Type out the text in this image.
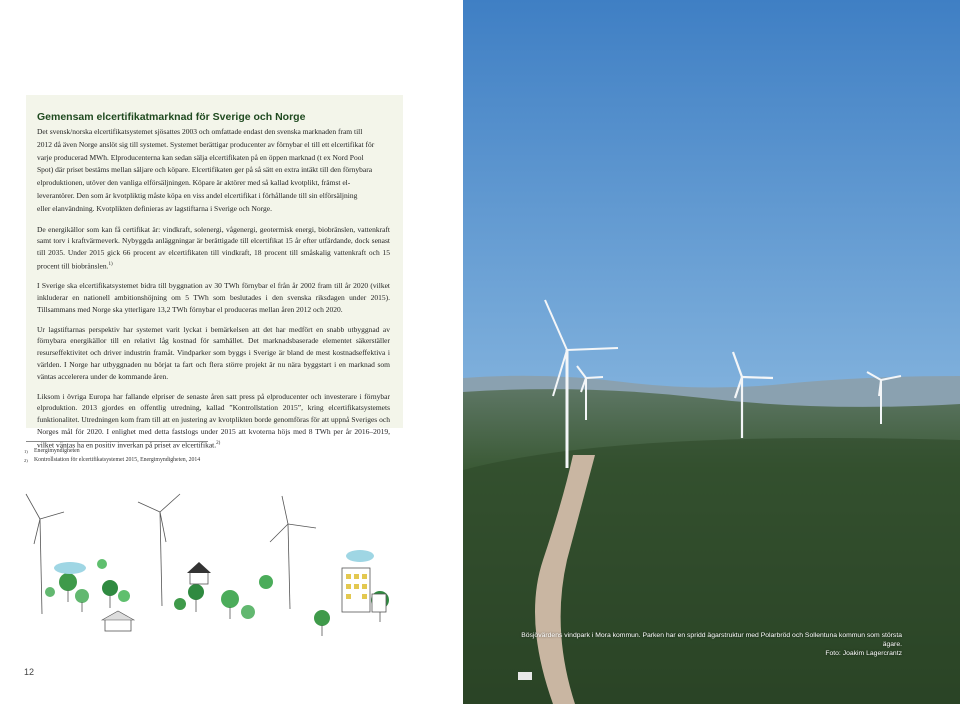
Gemensam elcertifikatmarknad för Sverige och Norge
Det svensk/norska elcertifikatsystemet sjösattes 2003 och omfattade endast den svenska marknaden fram till
2012 då även Norge anslöt sig till systemet. Systemet berättigar producenter av förnybar el till ett elcertifikat för
varje producerad MWh. Elproducenterna kan sedan sälja elcertifikaten på en öppen marknad (t ex Nord Pool
Spot) där priset bestäms mellan säljare och köpare. Elcertifikaten ger på så sätt en extra intäkt till den förnybara
elproduktionen, utöver den vanliga elförsäljningen. Köpare är aktörer med så kallad kvotplikt, främst el-
leverantörer. Den som är kvotpliktig måste köpa en viss andel elcertifikat i förhållande till sin elförsäljning
eller elanvändning. Kvotplikten definieras av lagstiftarna i Sverige och Norge.

De energikällor som kan få certifikat är: vindkraft, solenergi, vågenergi, geotermisk energi, biobränslen, vattenkraft samt torv i kraftvärmeverk. Nybyggda anläggningar är berättigade till elcertifikat 15 år efter utfärdande, dock senast till 2035. Under 2015 gick 66 procent av elcertifikaten till vindkraft, 18 procent till småskalig vattenkraft och 15 procent till biobränslen.$^{1)}$

I Sverige ska elcertifikatsystemet bidra till byggnation av 30 TWh förnybar el från år 2002 fram till år 2020 (vilket inkluderar en nationell ambitionshöjning om 5 TWh som beslutades i den svenska riksdagen under 2015). Tillsammans med Norge ska ytterligare 13,2 TWh förnybar el produceras mellan åren 2012 och 2020.

Ur lagstiftarnas perspektiv har systemet varit lyckat i bemärkelsen att det har medfört en snabb utbyggnad av förnybara energikällor till en relativt låg kostnad för samhället. Det marknadsbaserade elementet säkerställer resurseffektivitet och driver industrin framåt. Vindparker som byggs i Sverige är bland de mest kostnadseffektiva i världen. I Norge har utbyggnaden nu börjat ta fart och flera större projekt är nu nära byggstart i en marknad som väntas accelerera under de kommande åren.

Liksom i övriga Europa har fallande elpriser de senaste åren satt press på elproducenter och investerare i förnybar elproduktion. 2013 gjordes en offentlig utredning, kallad ”Kontrollstation 2015”, kring elcertifikatsystemets funktionalitet. Utredningen kom fram till att en justering av kvotplikten borde genomföras för att uppnå Sveriges och Norges mål för 2020. I enlighet med detta fastslogs under 2015 att kvoterna höjs med 8 TWh per år 2016–2019, vilket väntas ha en positiv inverkan på priset av elcertifikat.$^{2)}$

1)	Energimyndigheten
2)	Kontrollstation för elcertifikatsystemet 2015, Energimyndigheten, 2014
12
Bösjövärdens vindpark i Mora kommun. Parken har en spridd ägarstruktur med Polarbröd och Sollentuna kommun som största ägare.
Foto: Joakim Lagercrantz
